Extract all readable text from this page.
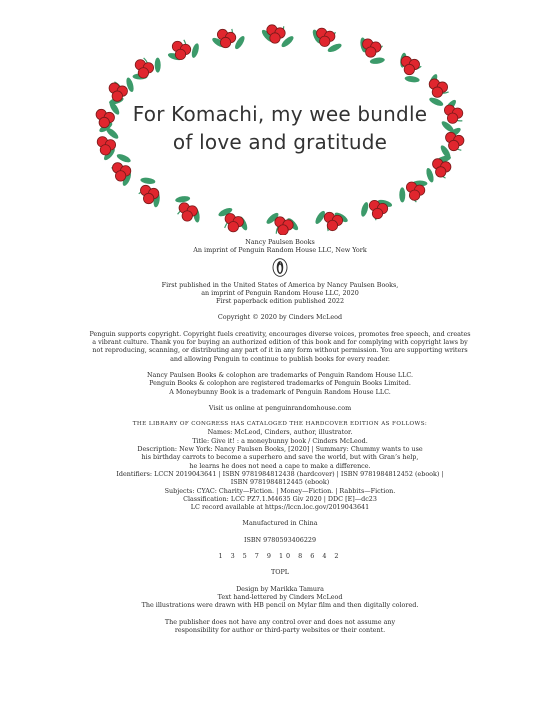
For Komachi, my wee bundle
of love and gratitude

Nancy Paulsen Books

An imprint of Penguin Random House LLC, New York

First published in the United States of America by Nancy Paulsen Books,

an imprint of Penguin Random House LLC, 2020

First paperback edition published 2022

Copyright © 2020 by Cinders McLeod

Penguin supports copyright. Copyright fuels creativity, encourages diverse voices, promotes free speech, and creates

a vibrant culture. Thank you for buying an authorized edition of this book and for complying with copyright laws by

not reproducing, scanning, or distributing any part of it in any form without permission. You are supporting writers

and allowing Penguin to continue to publish books for every reader.

Nancy Paulsen Books & colophon are trademarks of Penguin Random House LLC.

Penguin Books & colophon are registered trademarks of Penguin Books Limited.

A Moneybunny Book is a trademark of Penguin Random House LLC.

Visit us online at penguinrandomhouse.com

THE LIBRARY OF CONGRESS HAS CATALOGED THE HARDCOVER EDITION AS FOLLOWS:

Names: McLeod, Cinders, author, illustrator.

Title: Give it! : a moneybunny book / Cinders McLeod.

Description: New York: Nancy Paulsen Books, [2020] | Summary: Chummy wants to use

his birthday carrots to become a superhero and save the world, but with Gran’s help,

he learns he does not need a cape to make a difference.

Identifiers: LCCN 2019043641 | ISBN 9781984812438 (hardcover) | ISBN 9781984812452 (ebook) |

ISBN 9781984812445 (ebook)

Subjects: CYAC: Charity—Fiction. | Money—Fiction. | Rabbits—Fiction.

Classification: LCC PZ7.1.M4635 Giv 2020 | DDC [E]—dc23

LC record available at https://lccn.loc.gov/2019043641

Manufactured in China

ISBN 9780593406229

1 3 5 7 9 10 8 6 4 2

TOPL

Design by Marikka Tamura

Text hand-lettered by Cinders McLeod

The illustrations were drawn with HB pencil on Mylar film and then digitally colored.

The publisher does not have any control over and does not assume any

responsibility for author or third-party websites or their content.
